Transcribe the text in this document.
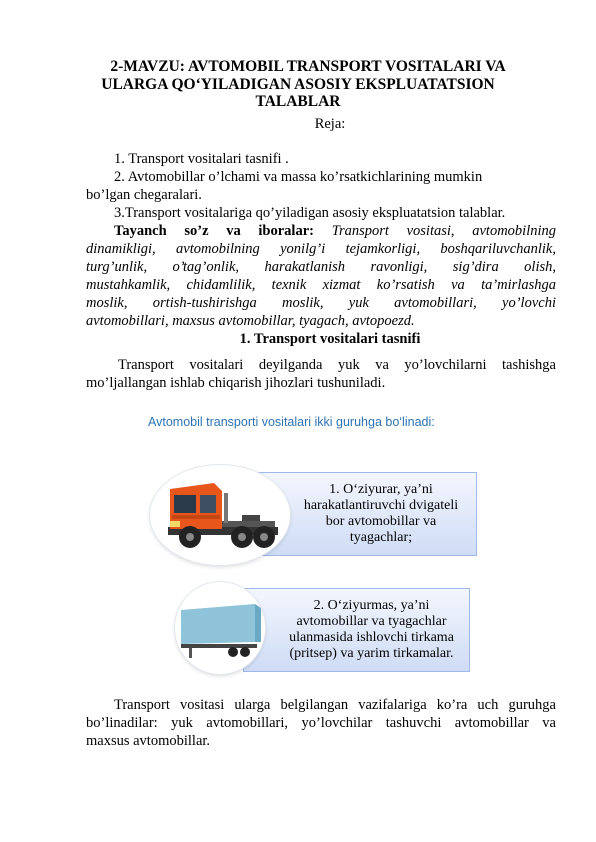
2-MAVZU: AVTOMOBIL TRANSPORT VOSITALARI VA
ULARGA QO‘YILADIGAN ASOSIY EKSPLUATATSION
TALABLAR
Reja:
1. Transport vositalari tasnifi .
2. Avtomobillar o’lchami va massa ko’rsatkichlarining mumkin
bo’lgan chegaralari.
3.Transport vositalariga qo’yiladigan asosiy ekspluatatsion talablar.
Tayanch so’z va iboralar: Transport vositasi, avtomobilning
dinamikligi, avtomobilning yonilg’i tejamkorligi, boshqariluvchanlik,
turg’unlik, o’tag’onlik, harakatlanish ravonligi, sig’dira olish,
mustahkamlik, chidamlilik, texnik xizmat ko’rsatish va ta’mirlashga
moslik, ortish-tushirishga moslik, yuk avtomobillari, yo’lovchi
avtomobillari, maxsus avtomobillar, tyagach, avtopoezd.
1. Transport vositalari tasnifi
Transport vositalari deyilganda yuk va yo’lovchilarni tashishga
mo’ljallangan ishlab chiqarish jihozlari tushuniladi.
Avtomobil transporti vositalari ikki guruhga bo‘linadi:
1. O‘ziyurar, ya’ni
harakatlantiruvchi dvigateli
bor avtomobillar va
tyagachlar;
2. O‘ziyurmas, ya’ni
avtomobillar va tyagachlar
ulanmasida ishlovchi tirkama
(pritsep) va yarim tirkamalar.
Transport vositasi ularga belgilangan vazifalariga ko’ra uch guruhga
bo’linadilar: yuk avtomobillari, yo’lovchilar tashuvchi avtomobillar va
maxsus avtomobillar.
